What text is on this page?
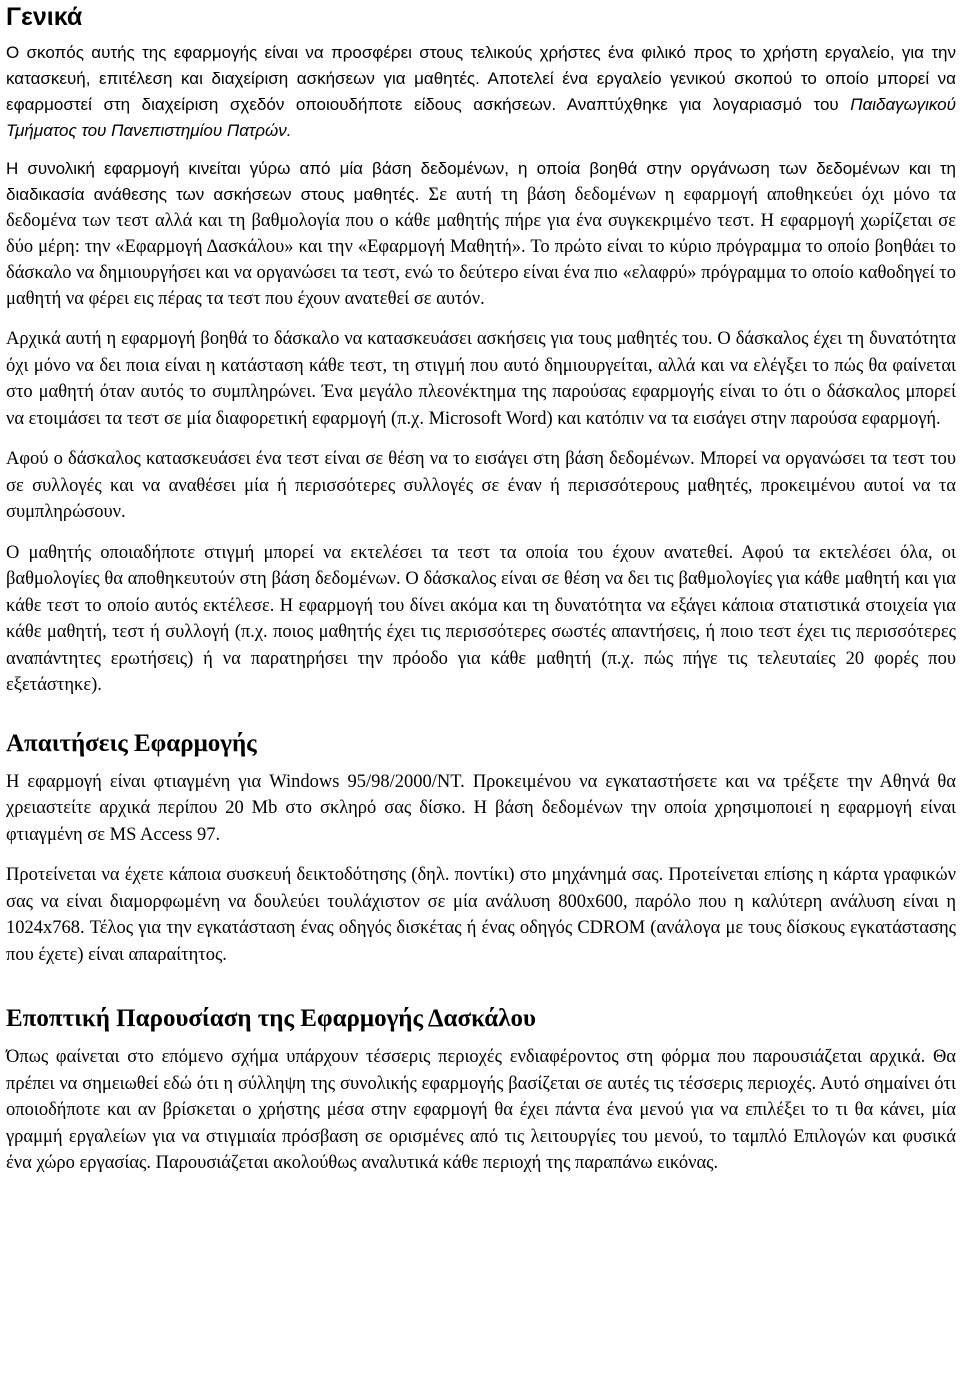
Γενικά

Ο σκοπός αυτής της εφαρμογής είναι να προσφέρει στους τελικούς χρήστες ένα φιλικό προς το χρήστη εργαλείο, για την κατασκευή, επιτέλεση και διαχείριση ασκήσεων για μαθητές. Αποτελεί ένα εργαλείο γενικού σκοπού το οποίο μπορεί να εφαρμοστεί στη διαχείριση σχεδόν οποιουδήποτε είδους ασκήσεων. Αναπτύχθηκε για λογαριασμό του Παιδαγωγικού Τμήματος του Πανεπιστημίου Πατρών.

Η συνολική εφαρμογή κινείται γύρω από μία βάση δεδομένων, η οποία βοηθά στην οργάνωση των δεδομένων και τη διαδικασία ανάθεσης των ασκήσεων στους μαθητές. Σε αυτή τη βάση δεδομένων η εφαρμογή αποθηκεύει όχι μόνο τα δεδομένα των τεστ αλλά και τη βαθμολογία που ο κάθε μαθητής πήρε για ένα συγκεκριμένο τεστ. Η εφαρμογή χωρίζεται σε δύο μέρη: την «Εφαρμογή Δασκάλου» και την «Εφαρμογή Μαθητή». Το πρώτο είναι το κύριο πρόγραμμα το οποίο βοηθάει το δάσκαλο να δημιουργήσει και να οργανώσει τα τεστ, ενώ το δεύτερο είναι ένα πιο «ελαφρύ» πρόγραμμα το οποίο καθοδηγεί το μαθητή να φέρει εις πέρας τα τεστ που έχουν ανατεθεί σε αυτόν.

Αρχικά αυτή η εφαρμογή βοηθά το δάσκαλο να κατασκευάσει ασκήσεις για τους μαθητές του. Ο δάσκαλος έχει τη δυνατότητα όχι μόνο να δει ποια είναι η κατάσταση κάθε τεστ, τη στιγμή που αυτό δημιουργείται, αλλά και να ελέγξει το πώς θα φαίνεται στο μαθητή όταν αυτός το συμπληρώνει. Ένα μεγάλο πλεονέκτημα της παρούσας εφαρμογής είναι το ότι ο δάσκαλος μπορεί να ετοιμάσει τα τεστ σε μία διαφορετική εφαρμογή (π.χ. Microsoft Word) και κατόπιν να τα εισάγει στην παρούσα εφαρμογή.

Αφού ο δάσκαλος κατασκευάσει ένα τεστ είναι σε θέση να το εισάγει στη βάση δεδομένων. Μπορεί να οργανώσει τα τεστ του σε συλλογές και να αναθέσει μία ή περισσότερες συλλογές σε έναν ή περισσότερους μαθητές, προκειμένου αυτοί να τα συμπληρώσουν.

Ο μαθητής οποιαδήποτε στιγμή μπορεί να εκτελέσει τα τεστ τα οποία του έχουν ανατεθεί. Αφού τα εκτελέσει όλα, οι βαθμολογίες θα αποθηκευτούν στη βάση δεδομένων. Ο δάσκαλος είναι σε θέση να δει τις βαθμολογίες για κάθε μαθητή και για κάθε τεστ το οποίο αυτός εκτέλεσε. Η εφαρμογή του δίνει ακόμα και τη δυνατότητα να εξάγει κάποια στατιστικά στοιχεία για κάθε μαθητή, τεστ ή συλλογή (π.χ. ποιος μαθητής έχει τις περισσότερες σωστές απαντήσεις, ή ποιο τεστ έχει τις περισσότερες αναπάντητες ερωτήσεις) ή να παρατηρήσει την πρόοδο για κάθε μαθητή (π.χ. πώς πήγε τις τελευταίες 20 φορές που εξετάστηκε).

Απαιτήσεις Εφαρμογής

Η εφαρμογή είναι φτιαγμένη για Windows 95/98/2000/NT. Προκειμένου να εγκαταστήσετε και να τρέξετε την Αθηνά θα χρειαστείτε αρχικά περίπου 20 Mb στο σκληρό σας δίσκο. Η βάση δεδομένων την οποία χρησιμοποιεί η εφαρμογή είναι φτιαγμένη σε MS Access 97.

Προτείνεται να έχετε κάποια συσκευή δεικτοδότησης (δηλ. ποντίκι) στο μηχάνημά σας. Προτείνεται επίσης η κάρτα γραφικών σας να είναι διαμορφωμένη να δουλεύει τουλάχιστον σε μία ανάλυση 800x600, παρόλο που η καλύτερη ανάλυση είναι η 1024x768. Τέλος για την εγκατάσταση ένας οδηγός δισκέτας ή ένας οδηγός CDROM (ανάλογα με τους δίσκους εγκατάστασης που έχετε) είναι απαραίτητος.

Εποπτική Παρουσίαση της Εφαρμογής Δασκάλου

Όπως φαίνεται στο επόμενο σχήμα υπάρχουν τέσσερις περιοχές ενδιαφέροντος στη φόρμα που παρουσιάζεται αρχικά. Θα πρέπει να σημειωθεί εδώ ότι η σύλληψη της συνολικής εφαρμογής βασίζεται σε αυτές τις τέσσερις περιοχές. Αυτό σημαίνει ότι οποιοδήποτε και αν βρίσκεται ο χρήστης μέσα στην εφαρμογή θα έχει πάντα ένα μενού για να επιλέξει το τι θα κάνει, μία γραμμή εργαλείων για να στιγμιαία πρόσβαση σε ορισμένες από τις λειτουργίες του μενού, το ταμπλό Επιλογών και φυσικά ένα χώρο εργασίας. Παρουσιάζεται ακολούθως αναλυτικά κάθε περιοχή της παραπάνω εικόνας.
